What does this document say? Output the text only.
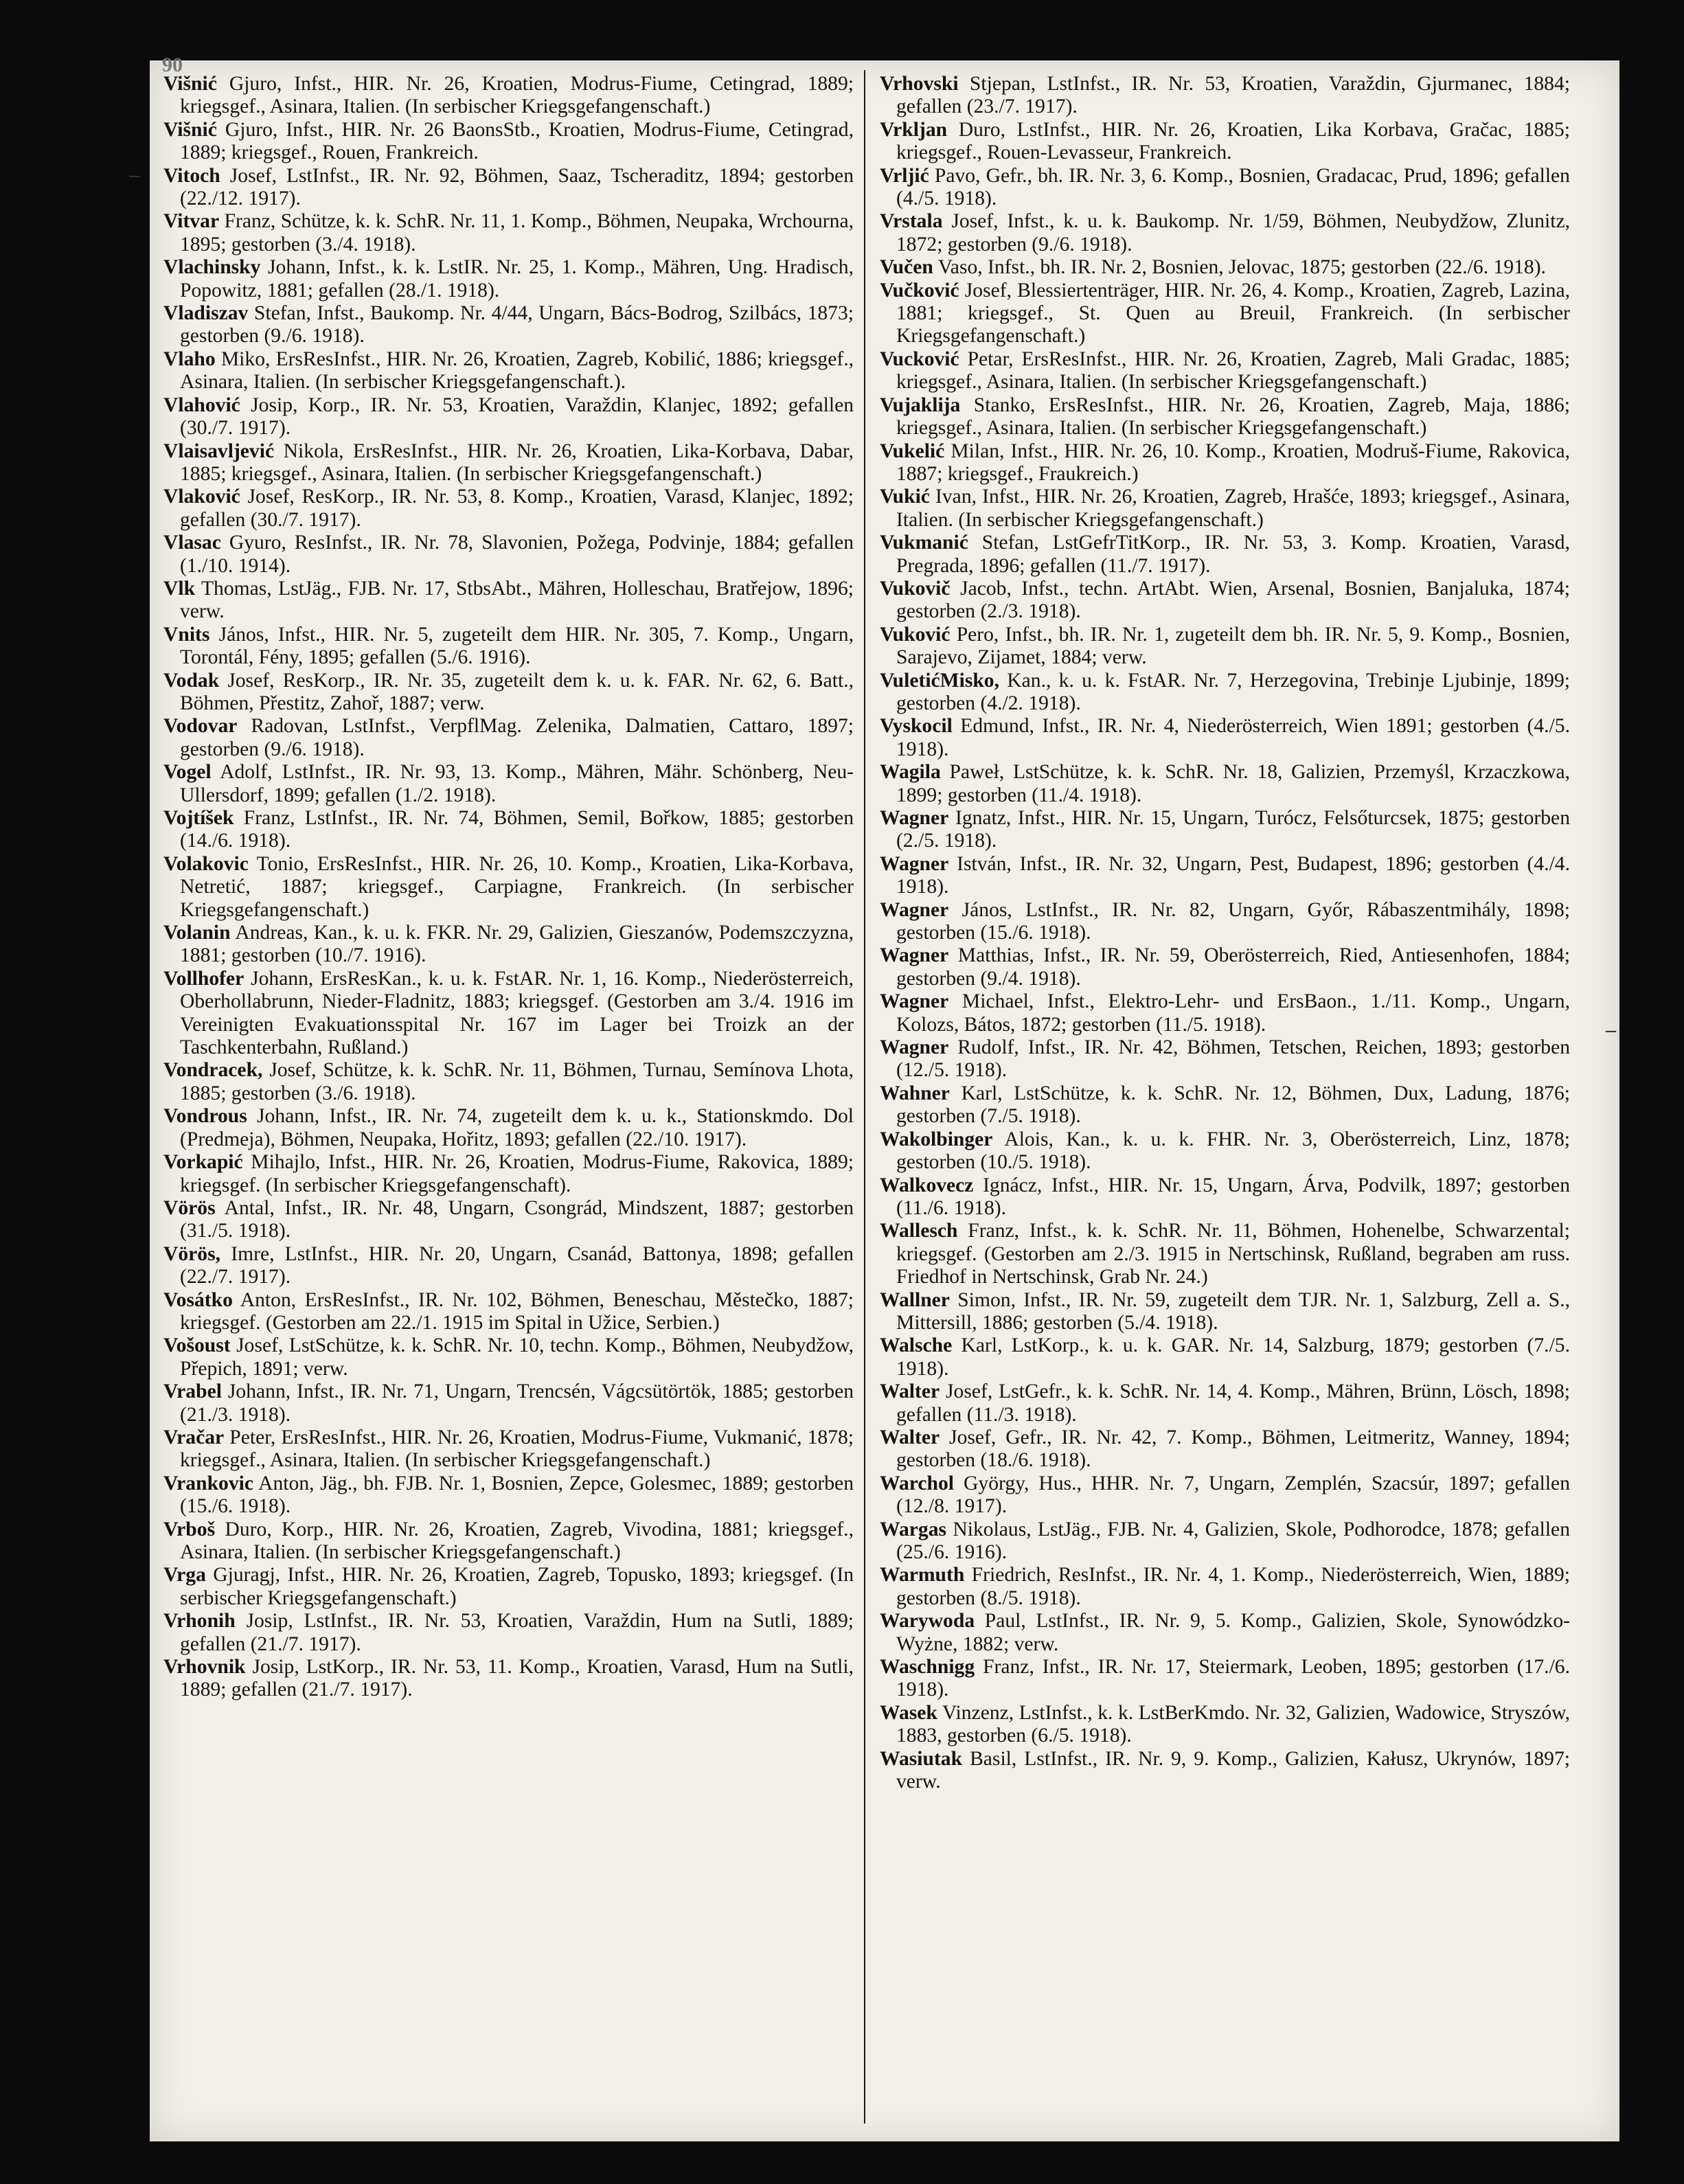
90
Višnić Gjuro, Infst., HIR. Nr. 26, Kroatien, Modrus-Fiume, Cetingrad, 1889; kriegsgef., Asinara, Italien. (In serbischer Kriegsgefangenschaft.)
Višnić Gjuro, Infst., HIR. Nr. 26 BaonsStb., Kroatien, Modrus-Fiume, Cetingrad, 1889; kriegsgef., Rouen, Frankreich.
Vitoch Josef, LstInfst., IR. Nr. 92, Böhmen, Saaz, Tscheraditz, 1894; gestorben (22./12. 1917).
Vitvar Franz, Schütze, k. k. SchR. Nr. 11, 1. Komp., Böhmen, Neupaka, Wrchourna, 1895; gestorben (3./4. 1918).
Vlachinsky Johann, Infst., k. k. LstIR. Nr. 25, 1. Komp., Mähren, Ung. Hradisch, Popowitz, 1881; gefallen (28./1. 1918).
Vladiszav Stefan, Infst., Baukomp. Nr. 4/44, Ungarn, Bács-Bodrog, Szilbács, 1873; gestorben (9./6. 1918).
Vlaho Miko, ErsResInfst., HIR. Nr. 26, Kroatien, Zagreb, Kobilić, 1886; kriegsgef., Asinara, Italien. (In serbischer Kriegsgefangenschaft.).
Vlahović Josip, Korp., IR. Nr. 53, Kroatien, Varaždin, Klanjec, 1892; gefallen (30./7. 1917).
Vlaisavljević Nikola, ErsResInfst., HIR. Nr. 26, Kroatien, Lika-Korbava, Dabar, 1885; kriegsgef., Asinara, Italien. (In serbischer Kriegsgefangenschaft.)
Vlaković Josef, ResKorp., IR. Nr. 53, 8. Komp., Kroatien, Varasd, Klanjec, 1892; gefallen (30./7. 1917).
Vlasac Gyuro, ResInfst., IR. Nr. 78, Slavonien, Požega, Podvinje, 1884; gefallen (1./10. 1914).
Vlk Thomas, LstJäg., FJB. Nr. 17, StbsAbt., Mähren, Holleschau, Bratřejow, 1896; verw.
Vnits János, Infst., HIR. Nr. 5, zugeteilt dem HIR. Nr. 305, 7. Komp., Ungarn, Torontál, Fény, 1895; gefallen (5./6. 1916).
Vodak Josef, ResKorp., IR. Nr. 35, zugeteilt dem k. u. k. FAR. Nr. 62, 6. Batt., Böhmen, Přestitz, Zahoř, 1887; verw.
Vodovar Radovan, LstInfst., VerpflMag. Zelenika, Dalmatien, Cattaro, 1897; gestorben (9./6. 1918).
Vogel Adolf, LstInfst., IR. Nr. 93, 13. Komp., Mähren, Mähr. Schönberg, Neu-Ullersdorf, 1899; gefallen (1./2. 1918).
Vojtíšek Franz, LstInfst., IR. Nr. 74, Böhmen, Semil, Bořkow, 1885; gestorben (14./6. 1918).
Volakovic Tonio, ErsResInfst., HIR. Nr. 26, 10. Komp., Kroatien, Lika-Korbava, Netretić, 1887; kriegsgef., Carpiagne, Frankreich. (In serbischer Kriegsgefangenschaft.)
Volanin Andreas, Kan., k. u. k. FKR. Nr. 29, Galizien, Gieszanów, Podemszczyzna, 1881; gestorben (10./7. 1916).
Vollhofer Johann, ErsResKan., k. u. k. FstAR. Nr. 1, 16. Komp., Niederösterreich, Oberhollabrunn, Nieder-Fladnitz, 1883; kriegsgef. (Gestorben am 3./4. 1916 im Vereinigten Evakuationsspital Nr. 167 im Lager bei Troizk an der Taschkenterbahn, Rußland.)
Vondracek, Josef, Schütze, k. k. SchR. Nr. 11, Böhmen, Turnau, Semínova Lhota, 1885; gestorben (3./6. 1918).
Vondrous Johann, Infst., IR. Nr. 74, zugeteilt dem k. u. k., Stationskmdo. Dol (Predmeja), Böhmen, Neupaka, Hořitz, 1893; gefallen (22./10. 1917).
Vorkapić Mihajlo, Infst., HIR. Nr. 26, Kroatien, Modrus-Fiume, Rakovica, 1889; kriegsgef. (In serbischer Kriegsgefangenschaft).
Vörös Antal, Infst., IR. Nr. 48, Ungarn, Csongrád, Mindszent, 1887; gestorben (31./5. 1918).
Vörös, Imre, LstInfst., HIR. Nr. 20, Ungarn, Csanád, Battonya, 1898; gefallen (22./7. 1917).
Vosátko Anton, ErsResInfst., IR. Nr. 102, Böhmen, Beneschau, Městečko, 1887; kriegsgef. (Gestorben am 22./1. 1915 im Spital in Užice, Serbien.)
Vošoust Josef, LstSchütze, k. k. SchR. Nr. 10, techn. Komp., Böhmen, Neubydžow, Přepich, 1891; verw.
Vrabel Johann, Infst., IR. Nr. 71, Ungarn, Trencsén, Vágcsütörtök, 1885; gestorben (21./3. 1918).
Vračar Peter, ErsResInfst., HIR. Nr. 26, Kroatien, Modrus-Fiume, Vukmanić, 1878; kriegsgef., Asinara, Italien. (In serbischer Kriegsgefangenschaft.)
Vrankovic Anton, Jäg., bh. FJB. Nr. 1, Bosnien, Zepce, Golesmec, 1889; gestorben (15./6. 1918).
Vrboš Duro, Korp., HIR. Nr. 26, Kroatien, Zagreb, Vivodina, 1881; kriegsgef., Asinara, Italien. (In serbischer Kriegsgefangenschaft.)
Vrga Gjuragj, Infst., HIR. Nr. 26, Kroatien, Zagreb, Topusko, 1893; kriegsgef. (In serbischer Kriegsgefangenschaft.)
Vrhonih Josip, LstInfst., IR. Nr. 53, Kroatien, Varaždin, Hum na Sutli, 1889; gefallen (21./7. 1917).
Vrhovnik Josip, LstKorp., IR. Nr. 53, 11. Komp., Kroatien, Varasd, Hum na Sutli, 1889; gefallen (21./7. 1917).
Vrhovski Stjepan, LstInfst., IR. Nr. 53, Kroatien, Varaždin, Gjurmanec, 1884; gefallen (23./7. 1917).
Vrkljan Duro, LstInfst., HIR. Nr. 26, Kroatien, Lika Korbava, Gračac, 1885; kriegsgef., Rouen-Levasseur, Frankreich.
Vrljić Pavo, Gefr., bh. IR. Nr. 3, 6. Komp., Bosnien, Gradacac, Prud, 1896; gefallen (4./5. 1918).
Vrstala Josef, Infst., k. u. k. Baukomp. Nr. 1/59, Böhmen, Neubydžow, Zlunitz, 1872; gestorben (9./6. 1918).
Vučen Vaso, Infst., bh. IR. Nr. 2, Bosnien, Jelovac, 1875; gestorben (22./6. 1918).
Vučković Josef, Blessiertenträger, HIR. Nr. 26, 4. Komp., Kroatien, Zagreb, Lazina, 1881; kriegsgef., St. Quen au Breuil, Frankreich. (In serbischer Kriegsgefangenschaft.)
Vucković Petar, ErsResInfst., HIR. Nr. 26, Kroatien, Zagreb, Mali Gradac, 1885; kriegsgef., Asinara, Italien. (In serbischer Kriegsgefangenschaft.)
Vujaklija Stanko, ErsResInfst., HIR. Nr. 26, Kroatien, Zagreb, Maja, 1886; kriegsgef., Asinara, Italien. (In serbischer Kriegsgefangenschaft.)
Vukelić Milan, Infst., HIR. Nr. 26, 10. Komp., Kroatien, Modruš-Fiume, Rakovica, 1887; kriegsgef., Fraukreich.)
Vukić Ivan, Infst., HIR. Nr. 26, Kroatien, Zagreb, Hrašće, 1893; kriegsgef., Asinara, Italien. (In serbischer Kriegsgefangenschaft.)
Vukmanić Stefan, LstGefrTitKorp., IR. Nr. 53, 3. Komp. Kroatien, Varasd, Pregrada, 1896; gefallen (11./7. 1917).
Vukovič Jacob, Infst., techn. ArtAbt. Wien, Arsenal, Bosnien, Banjaluka, 1874; gestorben (2./3. 1918).
Vuković Pero, Infst., bh. IR. Nr. 1, zugeteilt dem bh. IR. Nr. 5, 9. Komp., Bosnien, Sarajevo, Zijamet, 1884; verw.
VuletićMisko, Kan., k. u. k. FstAR. Nr. 7, Herzegovina, Trebinje Ljubinje, 1899; gestorben (4./2. 1918).
Vyskocil Edmund, Infst., IR. Nr. 4, Niederösterreich, Wien 1891; gestorben (4./5. 1918).
Wagila Paweł, LstSchütze, k. k. SchR. Nr. 18, Galizien, Przemyśl, Krzaczkowa, 1899; gestorben (11./4. 1918).
Wagner Ignatz, Infst., HIR. Nr. 15, Ungarn, Turócz, Felsőturcsek, 1875; gestorben (2./5. 1918).
Wagner István, Infst., IR. Nr. 32, Ungarn, Pest, Budapest, 1896; gestorben (4./4. 1918).
Wagner János, LstInfst., IR. Nr. 82, Ungarn, Győr, Rábaszentmihály, 1898; gestorben (15./6. 1918).
Wagner Matthias, Infst., IR. Nr. 59, Oberösterreich, Ried, Antiesenhofen, 1884; gestorben (9./4. 1918).
Wagner Michael, Infst., Elektro-Lehr- und ErsBaon., 1./11. Komp., Ungarn, Kolozs, Bátos, 1872; gestorben (11./5. 1918).
Wagner Rudolf, Infst., IR. Nr. 42, Böhmen, Tetschen, Reichen, 1893; gestorben (12./5. 1918).
Wahner Karl, LstSchütze, k. k. SchR. Nr. 12, Böhmen, Dux, Ladung, 1876; gestorben (7./5. 1918).
Wakolbinger Alois, Kan., k. u. k. FHR. Nr. 3, Oberösterreich, Linz, 1878; gestorben (10./5. 1918).
Walkovecz Ignácz, Infst., HIR. Nr. 15, Ungarn, Árva, Podvilk, 1897; gestorben (11./6. 1918).
Wallesch Franz, Infst., k. k. SchR. Nr. 11, Böhmen, Hohenelbe, Schwarzental; kriegsgef. (Gestorben am 2./3. 1915 in Nertschinsk, Rußland, begraben am russ. Friedhof in Nertschinsk, Grab Nr. 24.)
Wallner Simon, Infst., IR. Nr. 59, zugeteilt dem TJR. Nr. 1, Salzburg, Zell a. S., Mittersill, 1886; gestorben (5./4. 1918).
Walsche Karl, LstKorp., k. u. k. GAR. Nr. 14, Salzburg, 1879; gestorben (7./5. 1918).
Walter Josef, LstGefr., k. k. SchR. Nr. 14, 4. Komp., Mähren, Brünn, Lösch, 1898; gefallen (11./3. 1918).
Walter Josef, Gefr., IR. Nr. 42, 7. Komp., Böhmen, Leitmeritz, Wanney, 1894; gestorben (18./6. 1918).
Warchol György, Hus., HHR. Nr. 7, Ungarn, Zemplén, Szacsúr, 1897; gefallen (12./8. 1917).
Wargas Nikolaus, LstJäg., FJB. Nr. 4, Galizien, Skole, Podhorodce, 1878; gefallen (25./6. 1916).
Warmuth Friedrich, ResInfst., IR. Nr. 4, 1. Komp., Niederösterreich, Wien, 1889; gestorben (8./5. 1918).
Warywoda Paul, LstInfst., IR. Nr. 9, 5. Komp., Galizien, Skole, Synowódzko-Wyżne, 1882; verw.
Waschnigg Franz, Infst., IR. Nr. 17, Steiermark, Leoben, 1895; gestorben (17./6. 1918).
Wasek Vinzenz, LstInfst., k. k. LstBerKmdo. Nr. 32, Galizien, Wadowice, Stryszów, 1883, gestorben (6./5. 1918).
Wasiutak Basil, LstInfst., IR. Nr. 9, 9. Komp., Galizien, Kałusz, Ukrynów, 1897; verw.
–
–
